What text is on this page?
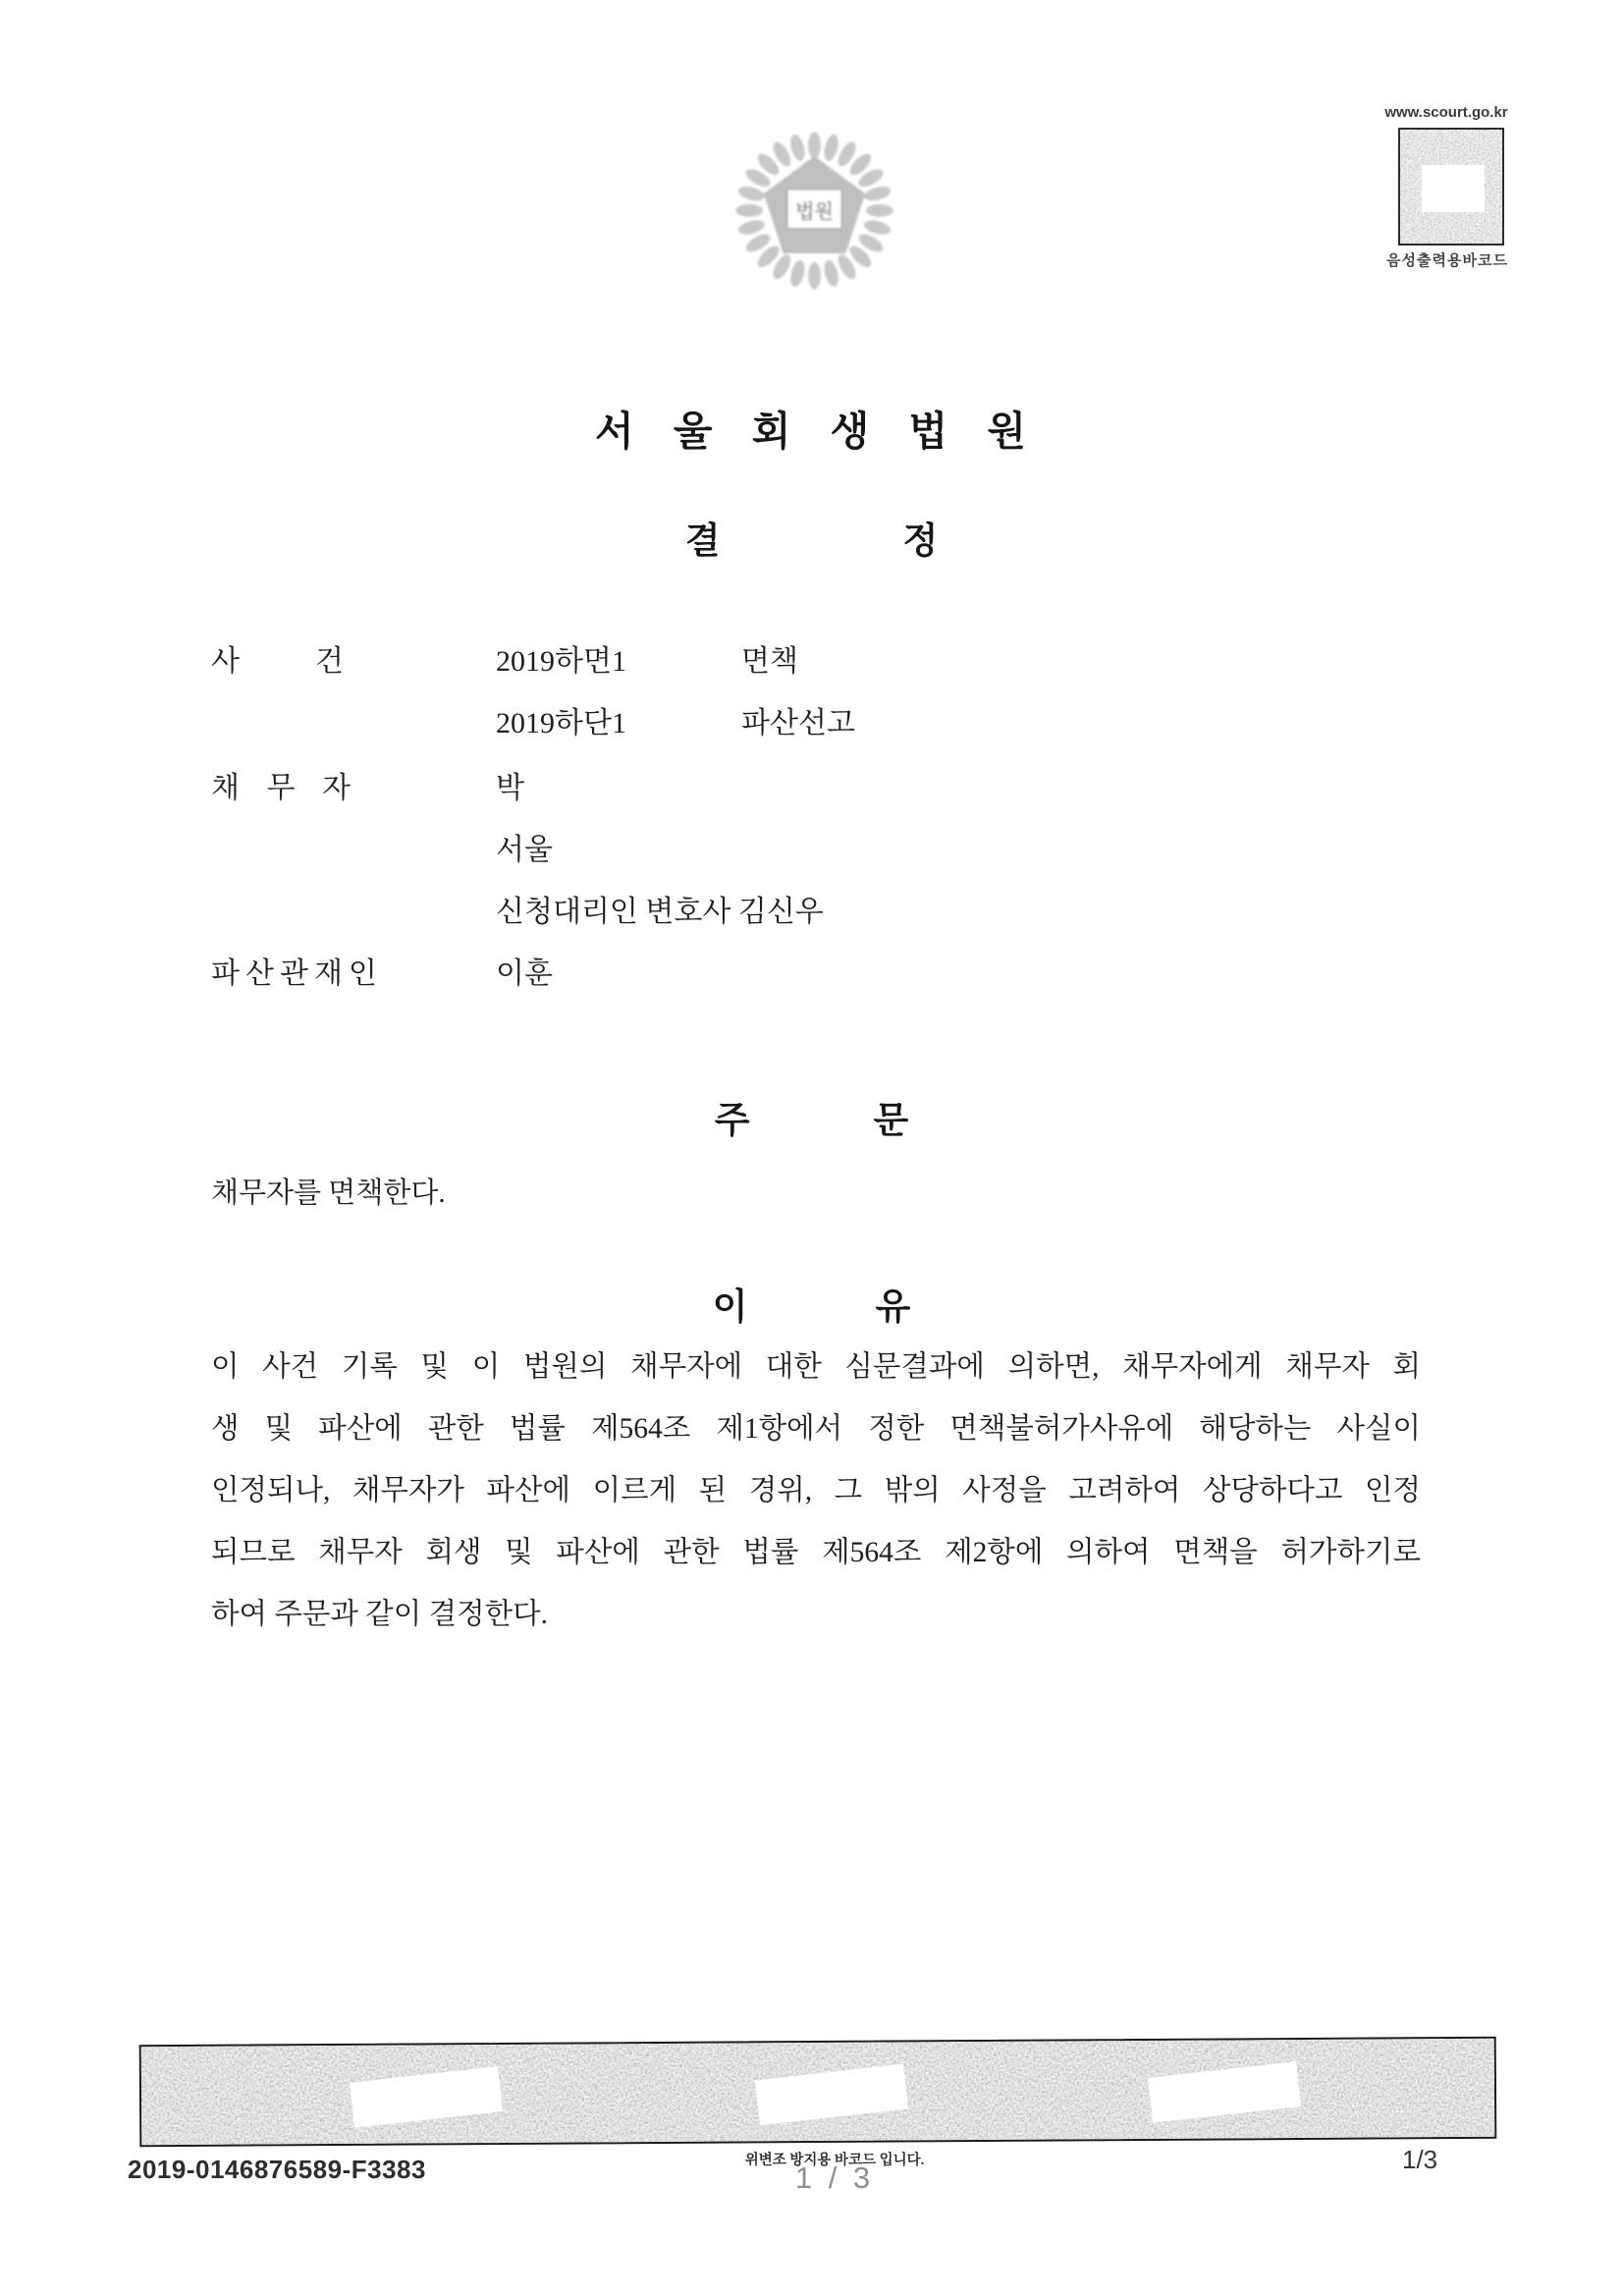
법원
www.scourt.go.kr
음성출력용바코드
서 울 회 생 법 원
결	정
사 건	2019하면1	면책
2019하단1	파산선고
채 무 자	박
서울
신청대리인 변호사 김신우
파산관재인	이훈
주	문
채무자를 면책한다.
이	유
이 사건 기록 및 이 법원의 채무자에 대한 심문결과에 의하면, 채무자에게 채무자 회
생 및 파산에 관한 법률 제564조 제1항에서 정한 면책불허가사유에 해당하는 사실이
인정되나, 채무자가 파산에 이르게 된 경위, 그 밖의 사정을 고려하여 상당하다고 인정
되므로 채무자 회생 및 파산에 관한 법률 제564조 제2항에 의하여 면책을 허가하기로
하여 주문과 같이 결정한다.
2019-0146876589-F3383	위변조 방지용 바코드 입니다.
1 / 3
1/3
